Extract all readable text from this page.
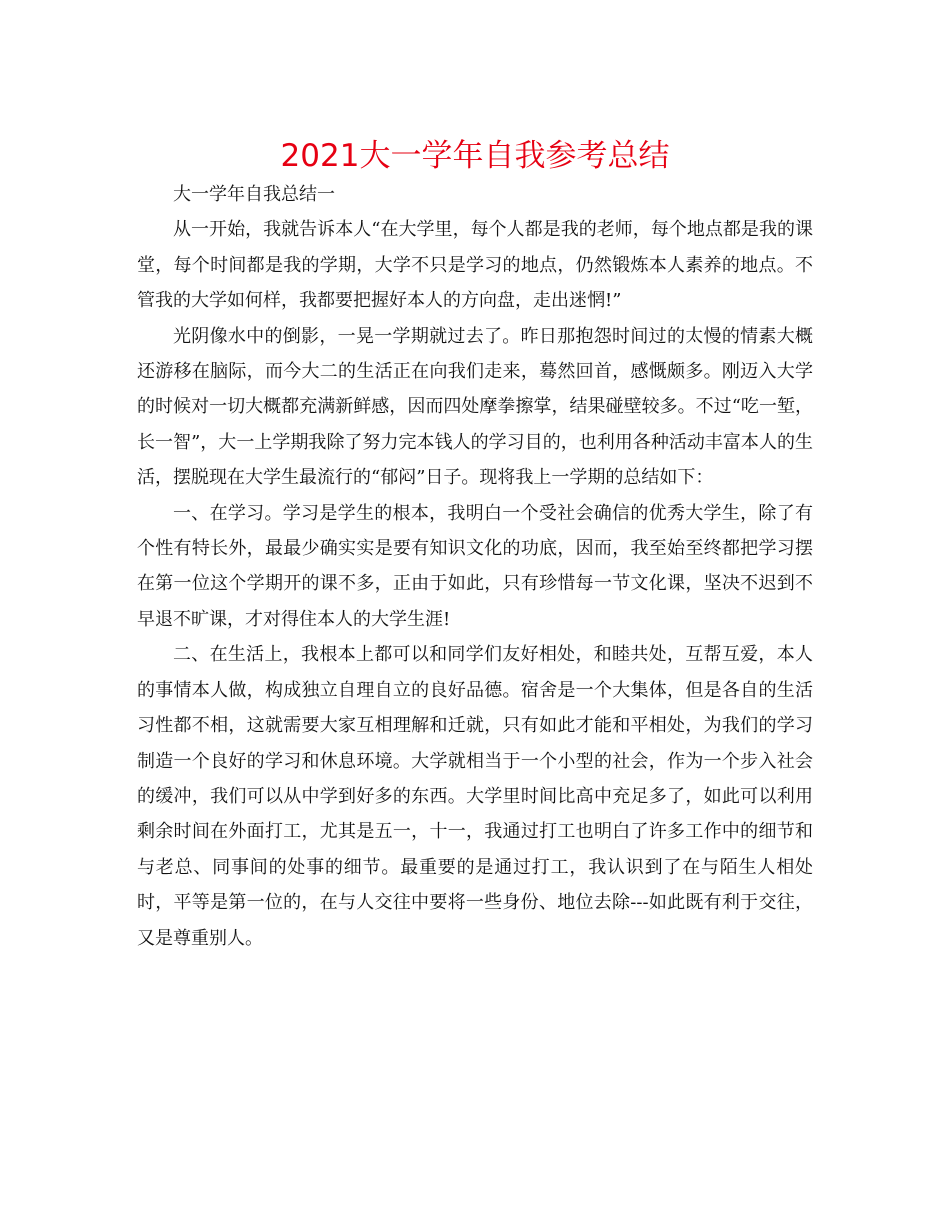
2021大一学年自我参考总结

大一学年自我总结一

从一开始，我就告诉本人“在大学里，每个人都是我的老师，每个地点都是我的课堂，每个时间都是我的学期，大学不只是学习的地点，仍然锻炼本人素养的地点。不管我的大学如何样，我都要把握好本人的方向盘，走出迷惘!”

光阴像水中的倒影，一晃一学期就过去了。昨日那抱怨时间过的太慢的情素大概还游移在脑际，而今大二的生活正在向我们走来，蓦然回首，感慨颇多。刚迈入大学的时候对一切大概都充满新鲜感，因而四处摩拳擦掌，结果碰壁较多。不过“吃一堑，长一智”，大一上学期我除了努力完本钱人的学习目的，也利用各种活动丰富本人的生活，摆脱现在大学生最流行的“郁闷”日子。现将我上一学期的总结如下：

一、在学习。学习是学生的根本，我明白一个受社会确信的优秀大学生，除了有个性有特长外，最最少确实实是要有知识文化的功底，因而，我至始至终都把学习摆在第一位这个学期开的课不多，正由于如此，只有珍惜每一节文化课，坚决不迟到不早退不旷课，才对得住本人的大学生涯!

二、在生活上，我根本上都可以和同学们友好相处，和睦共处，互帮互爱，本人的事情本人做，构成独立自理自立的良好品德。宿舍是一个大集体，但是各自的生活习性都不相，这就需要大家互相理解和迁就，只有如此才能和平相处，为我们的学习制造一个良好的学习和休息环境。大学就相当于一个小型的社会，作为一个步入社会的缓冲，我们可以从中学到好多的东西。大学里时间比高中充足多了，如此可以利用剩余时间在外面打工，尤其是五一，十一，我通过打工也明白了许多工作中的细节和与老总、同事间的处事的细节。最重要的是通过打工，我认识到了在与陌生人相处时，平等是第一位的，在与人交往中要将一些身份、地位去除---如此既有利于交往，又是尊重别人。
